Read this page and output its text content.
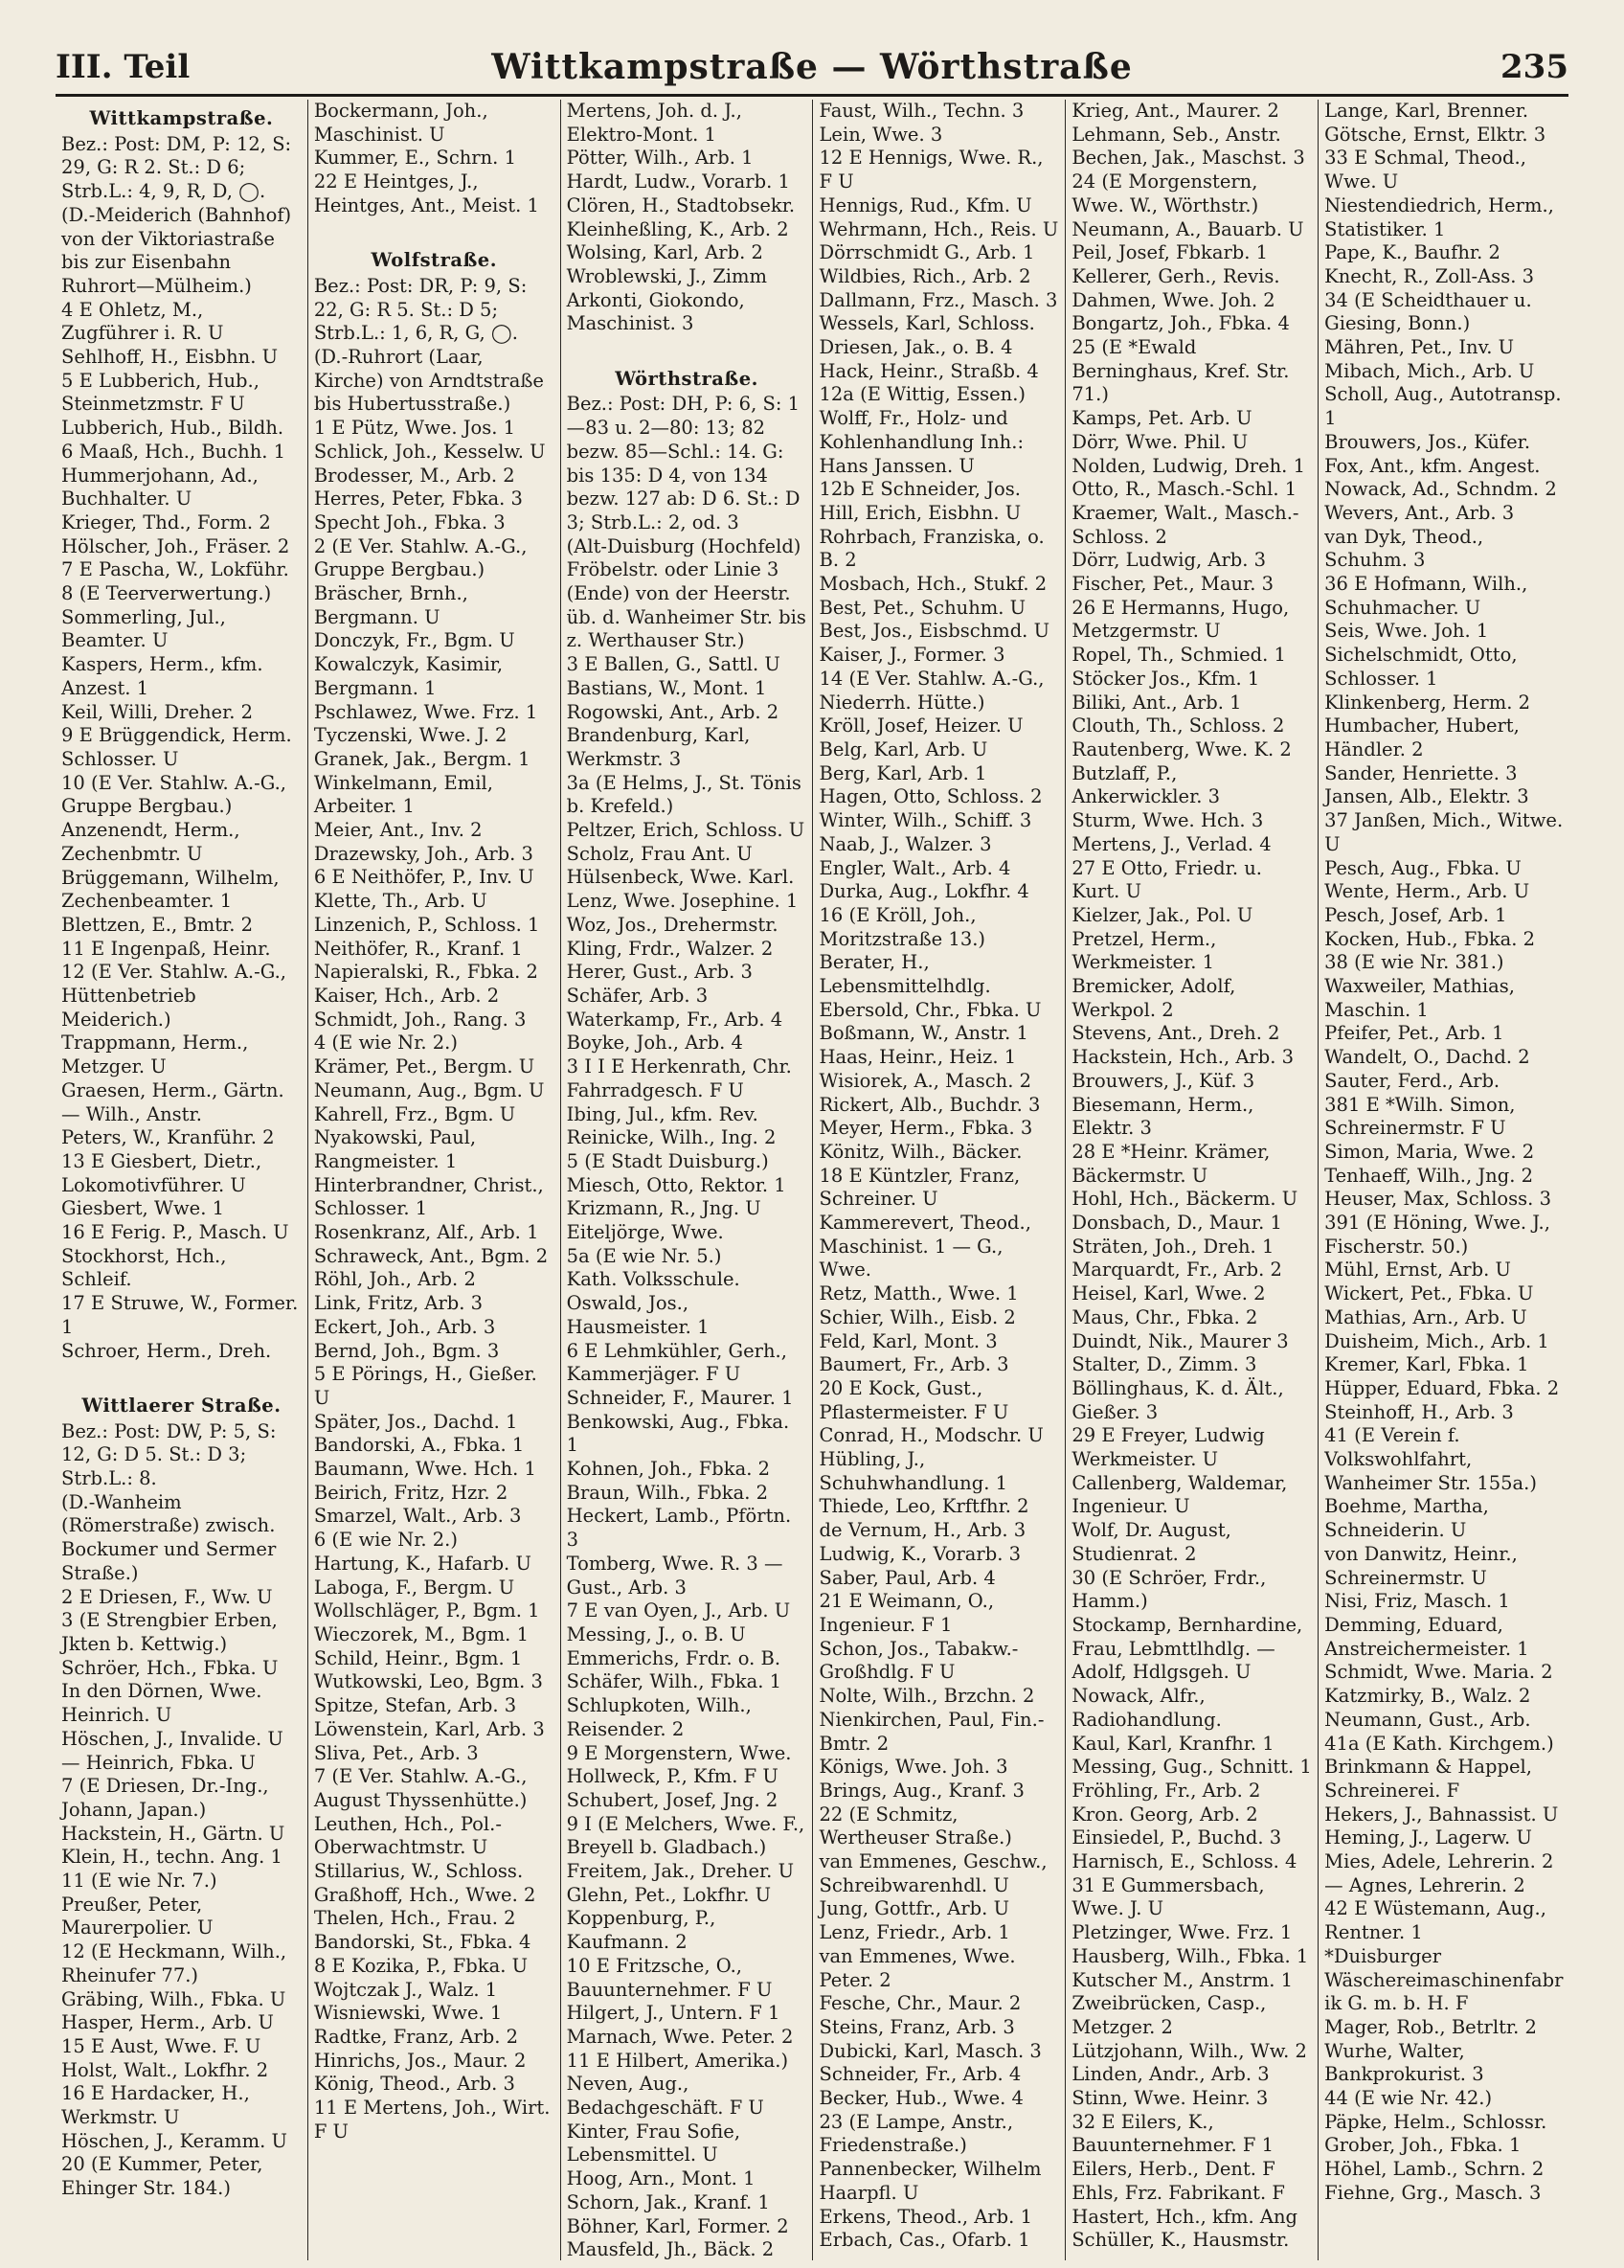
III. Teil	Wittkampstraße — Wörthstraße	235
Wittkampstraße.
Bez.: Post: DM, P: 12, S: 29, G: R 2. St.: D 6; Strb.L.: 4, 9, R, D, ◯.
(D.-Meiderich (Bahnhof) von der Viktoriastraße bis zur Eisenbahn Ruhrort—Mülheim.)
4 E Ohletz, M., Zugführer i. R. U
Sehlhoff, H., Eisbhn. U
5 E Lubberich, Hub., Steinmetzmstr. F U
Lubberich, Hub., Bildh.
6 Maaß, Hch., Buchh. 1
Hummerjohann, Ad., Buchhalter. U
Krieger, Thd., Form. 2
Hölscher, Joh., Fräser. 2
7 E Pascha, W., Lokführ.
8 (E Teerverwertung.)
Sommerling, Jul., Beamter. U
Kaspers, Herm., kfm. Anzest. 1
Keil, Willi, Dreher. 2
9 E Brüggendick, Herm. Schlosser. U
10 (E Ver. Stahlw. A.-G., Gruppe Bergbau.)
Anzenendt, Herm., Zechenbmtr. U
Brüggemann, Wilhelm, Zechenbeamter. 1
Blettzen, E., Bmtr. 2
11 E Ingenpaß, Heinr.
12 (E Ver. Stahlw. A.-G., Hüttenbetrieb Meiderich.)
Trappmann, Herm., Metzger. U
Graesen, Herm., Gärtn. — Wilh., Anstr.
Peters, W., Kranführ. 2
13 E Giesbert, Dietr., Lokomotivführer. U
Giesbert, Wwe. 1
16 E Ferig. P., Masch. U
Stockhorst, Hch., Schleif.
17 E Struwe, W., Former. 1
Schroer, Herm., Dreh.
Wittlaerer Straße.
Bez.: Post: DW, P: 5, S: 12, G: D 5. St.: D 3; Strb.L.: 8.
(D.-Wanheim (Römerstraße) zwisch. Bockumer und Sermer Straße.)
2 E Driesen, F., Ww. U
3 (E Strengbier Erben, Jkten b. Kettwig.)
Schröer, Hch., Fbka. U
In den Dörnen, Wwe. Heinrich. U
Höschen, J., Invalide. U — Heinrich, Fbka. U
7 (E Driesen, Dr.-Ing., Johann, Japan.)
Hackstein, H., Gärtn. U
Klein, H., techn. Ang. 1
11 (E wie Nr. 7.)
Preußer, Peter, Maurerpolier. U
12 (E Heckmann, Wilh., Rheinufer 77.)
Gräbing, Wilh., Fbka. U
Hasper, Herm., Arb. U
15 E Aust, Wwe. F. U
Holst, Walt., Lokfhr. 2
16 E Hardacker, H., Werkmstr. U
Höschen, J., Keramm. U
20 (E Kummer, Peter, Ehinger Str. 184.)
Bockermann, Joh., Maschinist. U
Kummer, E., Schrn. 1
22 E Heintges, J., Heintges, Ant., Meist. 1
Wolfstraße.
Bez.: Post: DR, P: 9, S: 22, G: R 5. St.: D 5; Strb.L.: 1, 6, R, G, ◯.
(D.-Ruhrort (Laar, Kirche) von Arndtstraße bis Hubertusstraße.)
1 E Pütz, Wwe. Jos. 1
Schlick, Joh., Kesselw. U
Brodesser, M., Arb. 2
Herres, Peter, Fbka. 3
Specht Joh., Fbka. 3
2 (E Ver. Stahlw. A.-G., Gruppe Bergbau.)
Bräscher, Brnh., Bergmann. U
Donczyk, Fr., Bgm. U
Kowalczyk, Kasimir, Bergmann. 1
Pschlawez, Wwe. Frz. 1
Tyczenski, Wwe. J. 2
Granek, Jak., Bergm. 1
Winkelmann, Emil, Arbeiter. 1
Meier, Ant., Inv. 2
Drazewsky, Joh., Arb. 3
6 E Neithöfer, P., Inv. U
Klette, Th., Arb. U
Linzenich, P., Schloss. 1
Neithöfer, R., Kranf. 1
Napieralski, R., Fbka. 2
Kaiser, Hch., Arb. 2
Schmidt, Joh., Rang. 3
4 (E wie Nr. 2.)
Krämer, Pet., Bergm. U
Neumann, Aug., Bgm. U
Kahrell, Frz., Bgm. U
Nyakowski, Paul, Rangmeister. 1
Hinterbrandner, Christ., Schlosser. 1
Rosenkranz, Alf., Arb. 1
Schraweck, Ant., Bgm. 2
Röhl, Joh., Arb. 2
Link, Fritz, Arb. 3
Eckert, Joh., Arb. 3
Bernd, Joh., Bgm. 3
5 E Pörings, H., Gießer. U
Später, Jos., Dachd. 1
Bandorski, A., Fbka. 1
Baumann, Wwe. Hch. 1
Beirich, Fritz, Hzr. 2
Smarzel, Walt., Arb. 3
6 (E wie Nr. 2.)
Hartung, K., Hafarb. U
Laboga, F., Bergm. U
Wollschläger, P., Bgm. 1
Wieczorek, M., Bgm. 1
Schild, Heinr., Bgm. 1
Wutkowski, Leo, Bgm. 3
Spitze, Stefan, Arb. 3
Löwenstein, Karl, Arb. 3
Sliva, Pet., Arb. 3
7 (E Ver. Stahlw. A.-G., August Thyssenhütte.)
Leuthen, Hch., Pol.-Oberwachtmstr. U
Stillarius, W., Schloss.
Graßhoff, Hch., Wwe. 2
Thelen, Hch., Frau. 2
Bandorski, St., Fbka. 4
8 E Kozika, P., Fbka. U
Wojtczak J., Walz. 1
Wisniewski, Wwe. 1
Radtke, Franz, Arb. 2
Hinrichs, Jos., Maur. 2
König, Theod., Arb. 3
11 E Mertens, Joh., Wirt. F U
Mertens, Joh. d. J., Elektro-Mont. 1
Pötter, Wilh., Arb. 1
Hardt, Ludw., Vorarb. 1
Clören, H., Stadtobsekr.
Kleinheßling, K., Arb. 2
Wolsing, Karl, Arb. 2
Wroblewski, J., Zimm
Arkonti, Giokondo, Maschinist. 3
Wörthstraße.
Bez.: Post: DH, P: 6, S: 1—83 u. 2—80: 13; 82 bezw. 85—Schl.: 14. G: bis 135: D 4, von 134 bezw. 127 ab: D 6. St.: D 3; Strb.L.: 2, od. 3
(Alt-Duisburg (Hochfeld) Fröbelstr. oder Linie 3 (Ende) von der Heerstr. üb. d. Wanheimer Str. bis z. Werthauser Str.)
3 E Ballen, G., Sattl. U
Bastians, W., Mont. 1
Rogowski, Ant., Arb. 2
Brandenburg, Karl, Werkmstr. 3
3a (E Helms, J., St. Tönis b. Krefeld.)
Peltzer, Erich, Schloss. U
Scholz, Frau Ant. U
Hülsenbeck, Wwe. Karl.
Lenz, Wwe. Josephine. 1
Woz, Jos., Drehermstr.
Kling, Frdr., Walzer. 2
Herer, Gust., Arb. 3
Schäfer, Arb. 3
Waterkamp, Fr., Arb. 4
Boyke, Joh., Arb. 4
3 I I E Herkenrath, Chr. Fahrradgesch. F U
Ibing, Jul., kfm. Rev.
Reinicke, Wilh., Ing. 2
5 (E Stadt Duisburg.)
Miesch, Otto, Rektor. 1
Krizmann, R., Jng. U
Eiteljörge, Wwe.
5a (E wie Nr. 5.)
Kath. Volksschule.
Oswald, Jos., Hausmeister. 1
6 E Lehmkühler, Gerh., Kammerjäger. F U
Schneider, F., Maurer. 1
Benkowski, Aug., Fbka. 1
Kohnen, Joh., Fbka. 2
Braun, Wilh., Fbka. 2
Heckert, Lamb., Pförtn. 3
Tomberg, Wwe. R. 3 — Gust., Arb. 3
7 E van Oyen, J., Arb. U
Messing, J., o. B. U
Emmerichs, Frdr. o. B.
Schäfer, Wilh., Fbka. 1
Schlupkoten, Wilh., Reisender. 2
9 E Morgenstern, Wwe.
Hollweck, P., Kfm. F U
Schubert, Josef, Jng. 2
9 I (E Melchers, Wwe. F., Breyell b. Gladbach.)
Freitem, Jak., Dreher. U
Glehn, Pet., Lokfhr. U
Koppenburg, P., Kaufmann. 2
10 E Fritzsche, O., Bauunternehmer. F U
Hilgert, J., Untern. F 1
Marnach, Wwe. Peter. 2
11 E Hilbert, Amerika.)
Neven, Aug., Bedachgeschäft. F U
Kinter, Frau Sofie, Lebensmittel. U
Hoog, Arn., Mont. 1
Schorn, Jak., Kranf. 1
Böhner, Karl, Former. 2
Mausfeld, Jh., Bäck. 2
Faust, Wilh., Techn. 3
Lein, Wwe. 3
12 E Hennigs, Wwe. R., F U
Hennigs, Rud., Kfm. U
Wehrmann, Hch., Reis. U
Dörrschmidt G., Arb. 1
Wildbies, Rich., Arb. 2
Dallmann, Frz., Masch. 3
Wessels, Karl, Schloss.
Driesen, Jak., o. B. 4
Hack, Heinr., Straßb. 4
12a (E Wittig, Essen.)
Wolff, Fr., Holz- und Kohlenhandlung Inh.: Hans Janssen. U
12b E Schneider, Jos.
Hill, Erich, Eisbhn. U
Rohrbach, Franziska, o. B. 2
Mosbach, Hch., Stukf. 2
Best, Pet., Schuhm. U
Best, Jos., Eisbschmd. U
Kaiser, J., Former. 3
14 (E Ver. Stahlw. A.-G., Niederrh. Hütte.)
Kröll, Josef, Heizer. U
Belg, Karl, Arb. U
Berg, Karl, Arb. 1
Hagen, Otto, Schloss. 2
Winter, Wilh., Schiff. 3
Naab, J., Walzer. 3
Engler, Walt., Arb. 4
Durka, Aug., Lokfhr. 4
16 (E Kröll, Joh., Moritzstraße 13.)
Berater, H., Lebensmittelhdlg.
Ebersold, Chr., Fbka. U
Boßmann, W., Anstr. 1
Haas, Heinr., Heiz. 1
Wisiorek, A., Masch. 2
Rickert, Alb., Buchdr. 3
Meyer, Herm., Fbka. 3
Könitz, Wilh., Bäcker.
18 E Küntzler, Franz, Schreiner. U
Kammerevert, Theod., Maschinist. 1 — G., Wwe.
Retz, Matth., Wwe. 1
Schier, Wilh., Eisb. 2
Feld, Karl, Mont. 3
Baumert, Fr., Arb. 3
20 E Kock, Gust., Pflastermeister. F U
Conrad, H., Modschr. U
Hübling, J., Schuhwhandlung. 1
Thiede, Leo, Krftfhr. 2
de Vernum, H., Arb. 3
Ludwig, K., Vorarb. 3
Saber, Paul, Arb. 4
21 E Weimann, O., Ingenieur. F 1
Schon, Jos., Tabakw.-Großhdlg. F U
Nolte, Wilh., Brzchn. 2
Nienkirchen, Paul, Fin.-Bmtr. 2
Königs, Wwe. Joh. 3
Brings, Aug., Kranf. 3
22 (E Schmitz, Wertheuser Straße.)
van Emmenes, Geschw., Schreibwarenhdl. U
Jung, Gottfr., Arb. U
Lenz, Friedr., Arb. 1
van Emmenes, Wwe. Peter. 2
Fesche, Chr., Maur. 2
Steins, Franz, Arb. 3
Dubicki, Karl, Masch. 3
Schneider, Fr., Arb. 4
Becker, Hub., Wwe. 4
23 (E Lampe, Anstr., Friedenstraße.)
Pannenbecker, Wilhelm Haarpfl. U
Erkens, Theod., Arb. 1
Erbach, Cas., Ofarb. 1
Krieg, Ant., Maurer. 2
Lehmann, Seb., Anstr.
Bechen, Jak., Maschst. 3
24 (E Morgenstern, Wwe. W., Wörthstr.)
Neumann, A., Bauarb. U
Peil, Josef, Fbkarb. 1
Kellerer, Gerh., Revis.
Dahmen, Wwe. Joh. 2
Bongartz, Joh., Fbka. 4
25 (E *Ewald Berninghaus, Kref. Str. 71.)
Kamps, Pet. Arb. U
Dörr, Wwe. Phil. U
Nolden, Ludwig, Dreh. 1
Otto, R., Masch.-Schl. 1
Kraemer, Walt., Masch.-Schloss. 2
Dörr, Ludwig, Arb. 3
Fischer, Pet., Maur. 3
26 E Hermanns, Hugo, Metzgermstr. U
Ropel, Th., Schmied. 1
Stöcker Jos., Kfm. 1
Biliki, Ant., Arb. 1
Clouth, Th., Schloss. 2
Rautenberg, Wwe. K. 2
Butzlaff, P., Ankerwickler. 3
Sturm, Wwe. Hch. 3
Mertens, J., Verlad. 4
27 E Otto, Friedr. u. Kurt. U
Kielzer, Jak., Pol. U
Pretzel, Herm., Werkmeister. 1
Bremicker, Adolf, Werkpol. 2
Stevens, Ant., Dreh. 2
Hackstein, Hch., Arb. 3
Brouwers, J., Küf. 3
Biesemann, Herm., Elektr. 3
28 E *Heinr. Krämer, Bäckermstr. U
Hohl, Hch., Bäckerm. U
Donsbach, D., Maur. 1
Sträten, Joh., Dreh. 1
Marquardt, Fr., Arb. 2
Heisel, Karl, Wwe. 2
Maus, Chr., Fbka. 2
Duindt, Nik., Maurer 3
Stalter, D., Zimm. 3
Böllinghaus, K. d. Ält., Gießer. 3
29 E Freyer, Ludwig Werkmeister. U
Callenberg, Waldemar, Ingenieur. U
Wolf, Dr. August, Studienrat. 2
30 (E Schröer, Frdr., Hamm.)
Stockamp, Bernhardine, Frau, Lebmttlhdlg. — Adolf, Hdlgsgeh. U
Nowack, Alfr., Radiohandlung.
Kaul, Karl, Kranfhr. 1
Messing, Gug., Schnitt. 1
Fröhling, Fr., Arb. 2
Kron. Georg, Arb. 2
Einsiedel, P., Buchd. 3
Harnisch, E., Schloss. 4
31 E Gummersbach, Wwe. J. U
Pletzinger, Wwe. Frz. 1
Hausberg, Wilh., Fbka. 1
Kutscher M., Anstrm. 1
Zweibrücken, Casp., Metzger. 2
Lützjohann, Wilh., Ww. 2
Linden, Andr., Arb. 3
Stinn, Wwe. Heinr. 3
32 E Eilers, K., Bauunternehmer. F 1
Eilers, Herb., Dent. F
Ehls, Frz. Fabrikant. F
Hastert, Hch., kfm. Ang
Schüller, K., Hausmstr.
Lange, Karl, Brenner.
Götsche, Ernst, Elktr. 3
33 E Schmal, Theod., Wwe. U
Niestendiedrich, Herm., Statistiker. 1
Pape, K., Baufhr. 2
Knecht, R., Zoll-Ass. 3
34 (E Scheidthauer u. Giesing, Bonn.)
Mähren, Pet., Inv. U
Mibach, Mich., Arb. U
Scholl, Aug., Autotransp. 1
Brouwers, Jos., Küfer.
Fox, Ant., kfm. Angest.
Nowack, Ad., Schndm. 2
Wevers, Ant., Arb. 3
van Dyk, Theod., Schuhm. 3
36 E Hofmann, Wilh., Schuhmacher. U
Seis, Wwe. Joh. 1
Sichelschmidt, Otto, Schlosser. 1
Klinkenberg, Herm. 2
Humbacher, Hubert, Händler. 2
Sander, Henriette. 3
Jansen, Alb., Elektr. 3
37 Janßen, Mich., Witwe. U
Pesch, Aug., Fbka. U
Wente, Herm., Arb. U
Pesch, Josef, Arb. 1
Kocken, Hub., Fbka. 2
38 (E wie Nr. 381.)
Waxweiler, Mathias, Maschin. 1
Pfeifer, Pet., Arb. 1
Wandelt, O., Dachd. 2
Sauter, Ferd., Arb.
381 E *Wilh. Simon, Schreinermstr. F U
Simon, Maria, Wwe. 2
Tenhaeff, Wilh., Jng. 2
Heuser, Max, Schloss. 3
391 (E Höning, Wwe. J., Fischerstr. 50.)
Mühl, Ernst, Arb. U
Wickert, Pet., Fbka. U
Mathias, Arn., Arb. U
Duisheim, Mich., Arb. 1
Kremer, Karl, Fbka. 1
Hüpper, Eduard, Fbka. 2
Steinhoff, H., Arb. 3
41 (E Verein f. Volkswohlfahrt, Wanheimer Str. 155a.)
Boehme, Martha, Schneiderin. U
von Danwitz, Heinr., Schreinermstr. U
Nisi, Friz, Masch. 1
Demming, Eduard, Anstreichermeister. 1
Schmidt, Wwe. Maria. 2
Katzmirky, B., Walz. 2
Neumann, Gust., Arb.
41a (E Kath. Kirchgem.)
Brinkmann & Happel, Schreinerei. F
Hekers, J., Bahnassist. U
Heming, J., Lagerw. U
Mies, Adele, Lehrerin. 2 — Agnes, Lehrerin. 2
42 E Wüstemann, Aug., Rentner. 1
*Duisburger Wäschereimaschinenfabrik G. m. b. H. F
Mager, Rob., Betrltr. 2
Wurhe, Walter, Bankprokurist. 3
44 (E wie Nr. 42.)
Päpke, Helm., Schlossr.
Grober, Joh., Fbka. 1
Höhel, Lamb., Schrn. 2
Fiehne, Grg., Masch. 3
